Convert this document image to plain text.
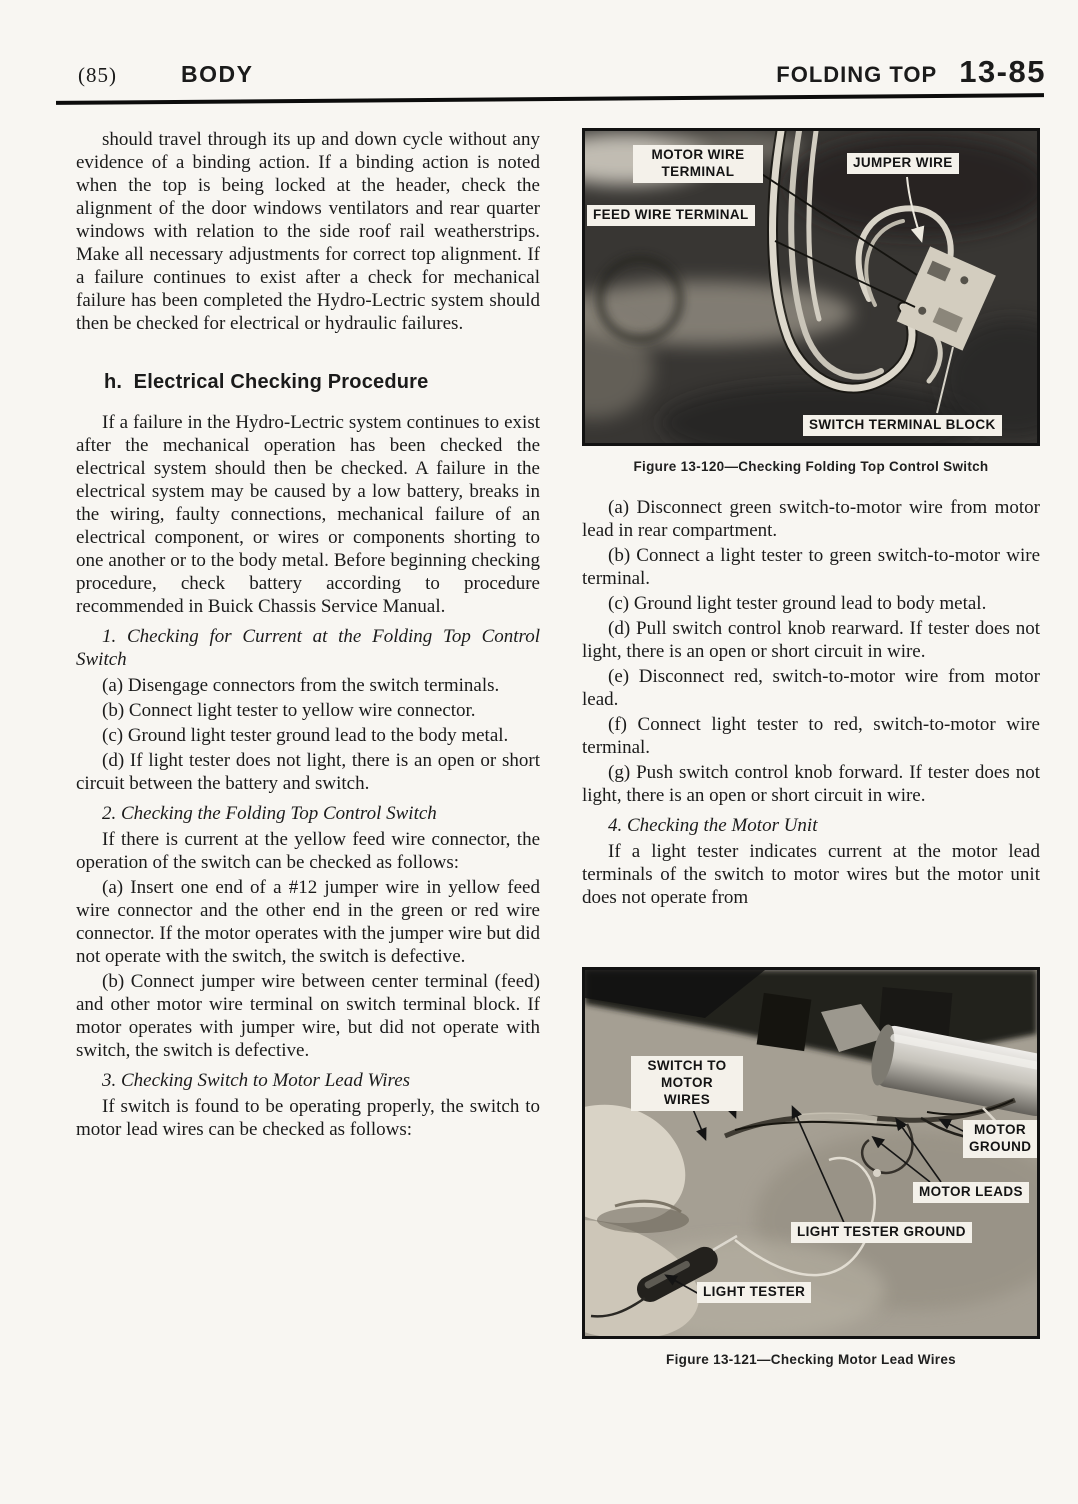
(85)	BODY	FOLDING TOP 13-85

should travel through its up and down cycle without any evidence of a binding action. If a binding action is noted when the top is being locked at the header, check the alignment of the door windows ventilators and rear quarter windows with relation to the side roof rail weatherstrips. Make all necessary adjustments for correct top alignment. If a failure continues to exist after a check for mechanical failure has been completed the Hydro-Lectric system should then be checked for electrical or hydraulic failures.

h.  Electrical Checking Procedure

If a failure in the Hydro-Lectric system continues to exist after the mechanical operation has been checked the electrical system should then be checked. A failure in the electrical system may be caused by a low battery, breaks in the wiring, faulty connections, mechanical failure of an electrical component, or wires or components shorting to one another or to the body metal. Before beginning checking procedure, check battery according to procedure recommended in Buick Chassis Service Manual.

1. Checking for Current at the Folding Top Control Switch

(a) Disengage connectors from the switch terminals.

(b) Connect light tester to yellow wire connector.

(c) Ground light tester ground lead to the body metal.

(d) If light tester does not light, there is an open or short circuit between the battery and switch.

2. Checking the Folding Top Control Switch

If there is current at the yellow feed wire connector, the operation of the switch can be checked as follows:

(a) Insert one end of a #12 jumper wire in yellow feed wire connector and the other end in the green or red wire connector. If the motor operates with the jumper wire but did not operate with the switch, the switch is defective.

(b) Connect jumper wire between center terminal (feed) and other motor wire terminal on switch terminal block. If motor operates with jumper wire, but did not operate with switch, the switch is defective.

3. Checking Switch to Motor Lead Wires

If switch is found to be operating properly, the switch to motor lead wires can be checked as follows:

MOTOR WIRE TERMINAL
JUMPER WIRE
FEED WIRE TERMINAL
SWITCH TERMINAL BLOCK
Figure 13-120—Checking Folding Top Control Switch

(a) Disconnect green switch-to-motor wire from motor lead in rear compartment.

(b) Connect a light tester to green switch-to-motor wire terminal.

(c) Ground light tester ground lead to body metal.

(d) Pull switch control knob rearward. If tester does not light, there is an open or short circuit in wire.

(e) Disconnect red, switch-to-motor wire from motor lead.

(f) Connect light tester to red, switch-to-motor wire terminal.

(g) Push switch control knob forward. If tester does not light, there is an open or short circuit in wire.

4. Checking the Motor Unit

If a light tester indicates current at the motor lead terminals of the switch to motor wires but the motor unit does not operate from

SWITCH TO MOTOR WIRES
MOTOR GROUND
MOTOR LEADS
LIGHT TESTER GROUND
LIGHT TESTER
Figure 13-121—Checking Motor Lead Wires
